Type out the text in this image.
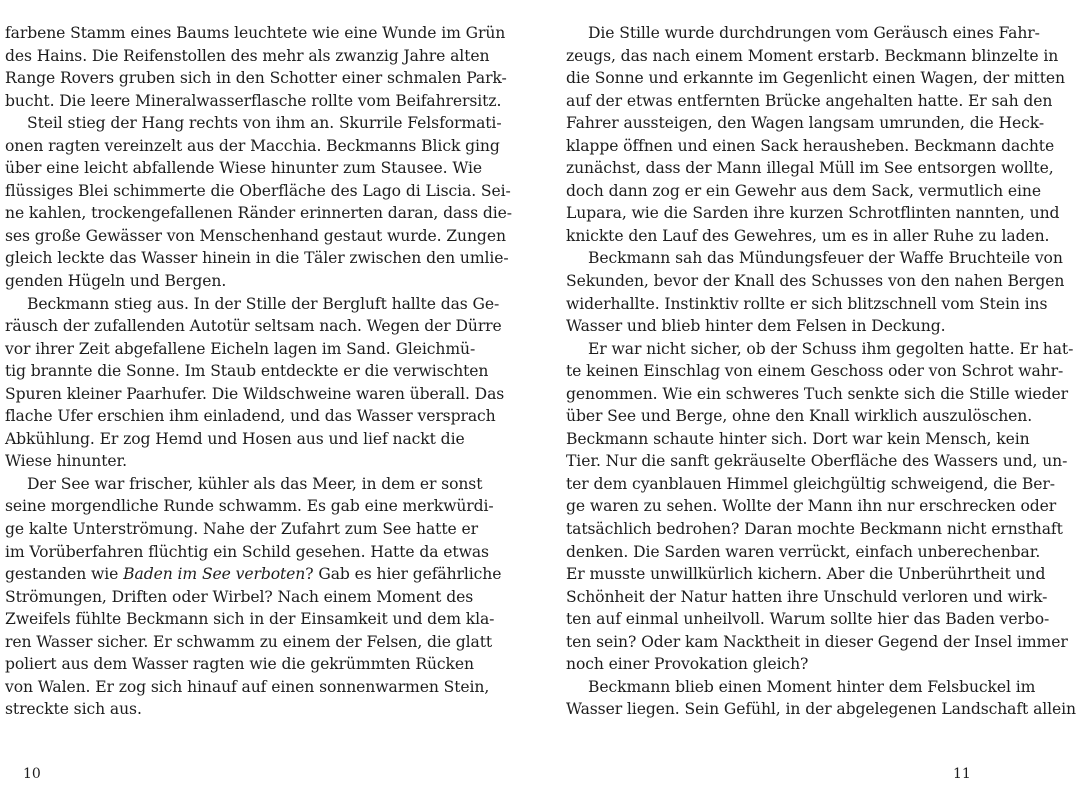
farbene Stamm eines Baums leuchtete wie eine Wunde im Grün
des Hains. Die Reifenstollen des mehr als zwanzig Jahre alten
Range Rovers gruben sich in den Schotter einer schmalen Park-
bucht. Die leere Mineralwasserflasche rollte vom Beifahrersitz.
Steil stieg der Hang rechts von ihm an. Skurrile Felsformati-
onen ragten vereinzelt aus der Macchia. Beckmanns Blick ging
über eine leicht abfallende Wiese hinunter zum Stausee. Wie
flüssiges Blei schimmerte die Oberfläche des Lago di Liscia. Sei-
ne kahlen, trockengefallenen Ränder erinnerten daran, dass die-
ses große Gewässer von Menschenhand gestaut wurde. Zungen
gleich leckte das Wasser hinein in die Täler zwischen den umlie-
genden Hügeln und Bergen.
Beckmann stieg aus. In der Stille der Bergluft hallte das Ge-
räusch der zufallenden Autotür seltsam nach. Wegen der Dürre
vor ihrer Zeit abgefallene Eicheln lagen im Sand. Gleichmü-
tig brannte die Sonne. Im Staub entdeckte er die verwischten
Spuren kleiner Paarhufer. Die Wildschweine waren überall. Das
flache Ufer erschien ihm einladend, und das Wasser versprach
Abkühlung. Er zog Hemd und Hosen aus und lief nackt die
Wiese hinunter.
Der See war frischer, kühler als das Meer, in dem er sonst
seine morgendliche Runde schwamm. Es gab eine merkwürdi-
ge kalte Unterströmung. Nahe der Zufahrt zum See hatte er
im Vorüberfahren flüchtig ein Schild gesehen. Hatte da etwas
gestanden wie Baden im See verboten? Gab es hier gefährliche
Strömungen, Driften oder Wirbel? Nach einem Moment des
Zweifels fühlte Beckmann sich in der Einsamkeit und dem kla-
ren Wasser sicher. Er schwamm zu einem der Felsen, die glatt
poliert aus dem Wasser ragten wie die gekrümmten Rücken
von Walen. Er zog sich hinauf auf einen sonnenwarmen Stein,
streckte sich aus.
Die Stille wurde durchdrungen vom Geräusch eines Fahr-
zeugs, das nach einem Moment erstarb. Beckmann blinzelte in
die Sonne und erkannte im Gegenlicht einen Wagen, der mitten
auf der etwas entfernten Brücke angehalten hatte. Er sah den
Fahrer aussteigen, den Wagen langsam umrunden, die Heck-
klappe öffnen und einen Sack herausheben. Beckmann dachte
zunächst, dass der Mann illegal Müll im See entsorgen wollte,
doch dann zog er ein Gewehr aus dem Sack, vermutlich eine
Lupara, wie die Sarden ihre kurzen Schrotflinten nannten, und
knickte den Lauf des Gewehres, um es in aller Ruhe zu laden.
Beckmann sah das Mündungsfeuer der Waffe Bruchteile von
Sekunden, bevor der Knall des Schusses von den nahen Bergen
widerhallte. Instinktiv rollte er sich blitzschnell vom Stein ins
Wasser und blieb hinter dem Felsen in Deckung.
Er war nicht sicher, ob der Schuss ihm gegolten hatte. Er hat-
te keinen Einschlag von einem Geschoss oder von Schrot wahr-
genommen. Wie ein schweres Tuch senkte sich die Stille wieder
über See und Berge, ohne den Knall wirklich auszulöschen.
Beckmann schaute hinter sich. Dort war kein Mensch, kein
Tier. Nur die sanft gekräuselte Oberfläche des Wassers und, un-
ter dem cyanblauen Himmel gleichgültig schweigend, die Ber-
ge waren zu sehen. Wollte der Mann ihn nur erschrecken oder
tatsächlich bedrohen? Daran mochte Beckmann nicht ernsthaft
denken. Die Sarden waren verrückt, einfach unberechenbar.
Er musste unwillkürlich kichern. Aber die Unberührtheit und
Schönheit der Natur hatten ihre Unschuld verloren und wirk-
ten auf einmal unheilvoll. Warum sollte hier das Baden verbo-
ten sein? Oder kam Nacktheit in dieser Gegend der Insel immer
noch einer Provokation gleich?
Beckmann blieb einen Moment hinter dem Felsbuckel im
Wasser liegen. Sein Gefühl, in der abgelegenen Landschaft allein
10	11
